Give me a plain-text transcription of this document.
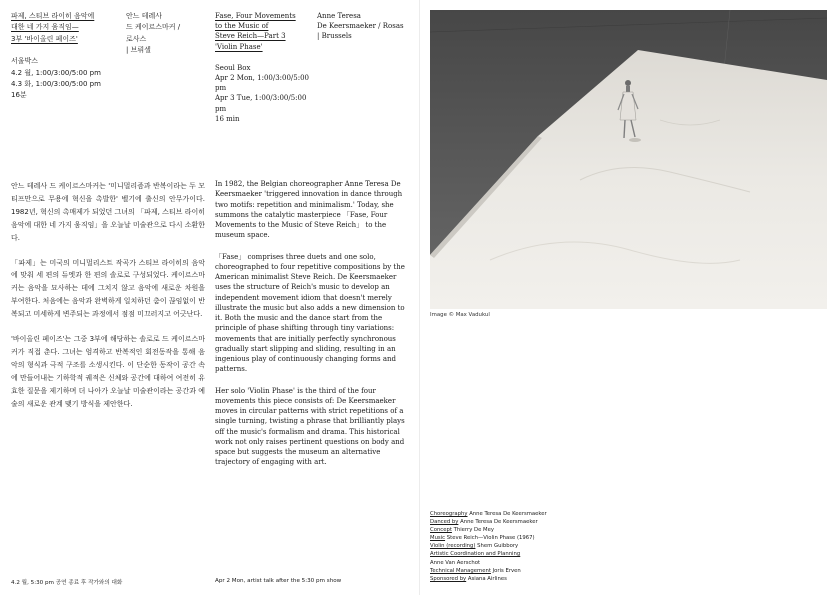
파제, 스티브 라이히 음악에

대한 네 가지 움직임—

3부 '바이올린 페이즈'

서울박스

4.2 월, 1:00/3:00/5:00 pm

4.3 화, 1:00/3:00/5:00 pm

16분

안느 테레사

드 케이르스마커 /

로사스

| 브뤼셀

Fase, Four Movements

to the Music of

Steve Reich—Part 3

'Violin Phase'

Seoul Box

Apr 2 Mon, 1:00/3:00/5:00 pm

Apr 3 Tue, 1:00/3:00/5:00 pm

16 min

Anne Teresa

De Keersmaeker / Rosas

| Brussels

안느 테레사 드 케이르스마커는 '미니멀리즘과 반복이라는 두 모티프만으로 무용에 혁신을 촉발한' 벨기에 출신의 안무가이다. 1982년, 혁신의 촉매제가 되었던 그녀의 「파제, 스티브 라이히 음악에 대한 네 가지 움직임」을 오늘날 미술관으로 다시 소환한다.

「파제」는 미국의 미니멀리스트 작곡가 스티브 라이히의 음악에 맞춰 세 편의 듀엣과 한 편의 솔로로 구성되었다. 케이르스마커는 음악을 묘사하는 데에 그치지 않고 음악에 새로운 차원을 부여한다. 처음에는 음악과 완벽하게 일치하던 춤이 끊임없이 반복되고 미세하게 변주되는 과정에서 점점 미끄러지고 어긋난다.

'바이올린 페이즈'는 그중 3부에 해당하는 솔로로 드 케이르스마커가 직접 춘다. 그녀는 엄격하고 반복적인 회전동작을 통해 음악의 형식과 극적 구조를 소생시킨다. 이 단순한 동작이 공간 속에 만들어내는 기하학적 궤적은 신체와 공간에 대하여 여전히 유효한 질문을 제기하며 더 나아가 오늘날 미술관이라는 공간과 예술의 새로운 관계 맺기 방식을 제안한다.

In 1982, the Belgian choreographer Anne Teresa De Keersmaeker 'triggered innovation in dance through two motifs: repetition and minimalism.' Today, she summons the catalytic masterpiece 「Fase, Four Movements to the Music of Steve Reich」 to the museum space.

「Fase」 comprises three duets and one solo, choreographed to four repetitive compositions by the American minimalist Steve Reich. De Keersmaeker uses the structure of Reich's music to develop an independent movement idiom that doesn't merely illustrate the music but also adds a new dimension to it. Both the music and the dance start from the principle of phase shifting through tiny variations: movements that are initially perfectly synchronous gradually start slipping and sliding, resulting in an ingenious play of continuously changing forms and patterns.

Her solo 'Violin Phase' is the third of the four movements this piece consists of: De Keersmaeker moves in circular patterns with strict repetitions of a single turning, twisting a phrase that brilliantly plays off the music's formalism and drama. This historical work not only raises pertinent questions on body and space but suggests the museum an alternative trajectory of engaging with art.

4.2 월, 5:30 pm 공연 종료 후 작가와의 대화	Apr 2 Mon, artist talk after the 5:30 pm show
Image © Max Vadukul
Choreography Anne Teresa De Keersmaeker
Danced by Anne Teresa De Keersmaeker
Concept Thierry De Mey
Music Steve Reich—Violin Phase (1967)
Violin (recording) Shem Guibbory
Artistic Coordination and Planning
Anne Van Aerschot
Technical Management Joris Erven
Sponsored by Asiana Airlines
